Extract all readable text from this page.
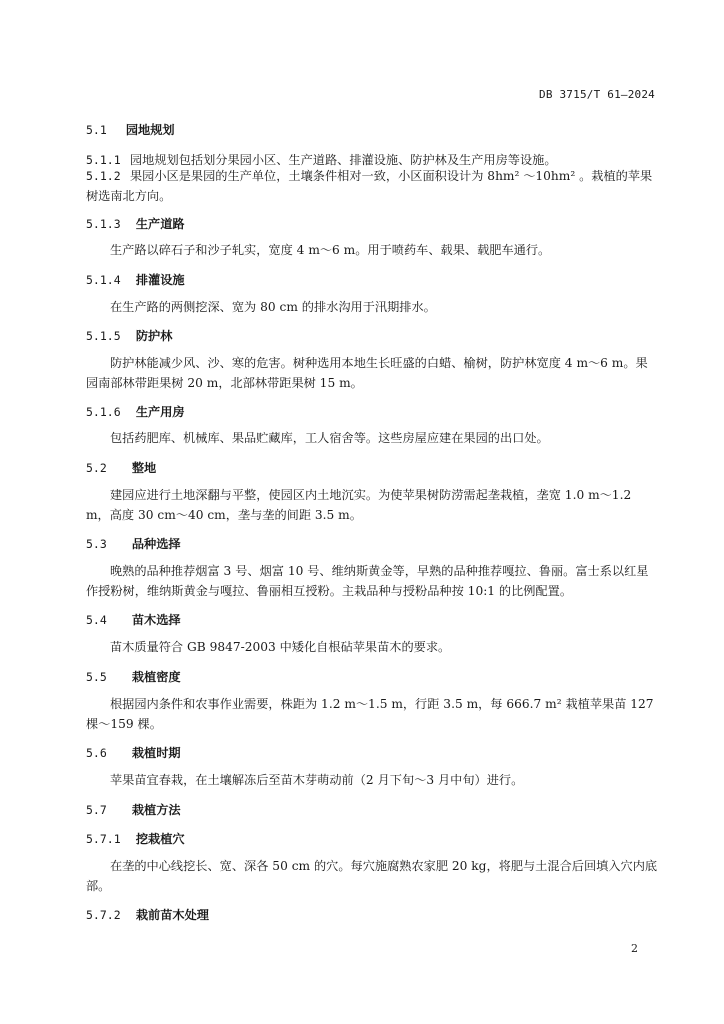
DB 3715/T 61—2024
5.1 园地规划
5.1.1 园地规划包括划分果园小区、生产道路、排灌设施、防护林及生产用房等设施。
5.1.2 果园小区是果园的生产单位，土壤条件相对一致，小区面积设计为 8hm² ～10hm² 。栽植的苹果树选南北方向。
5.1.3 生产道路
生产路以碎石子和沙子轧实，宽度 4 m～6 m。用于喷药车、载果、载肥车通行。
5.1.4 排灌设施
在生产路的两侧挖深、宽为 80 cm 的排水沟用于汛期排水。
5.1.5 防护林
防护林能减少风、沙、寒的危害。树种选用本地生长旺盛的白蜡、榆树，防护林宽度 4 m～6 m。果园南部林带距果树 20 m，北部林带距果树 15 m。
5.1.6 生产用房
包括药肥库、机械库、果品贮藏库，工人宿舍等。这些房屋应建在果园的出口处。
5.2 整地
建园应进行土地深翻与平整，使园区内土地沉实。为使苹果树防涝需起垄栽植，垄宽 1.0 m～1.2 m，高度 30 cm～40 cm，垄与垄的间距 3.5 m。
5.3 品种选择
晚熟的品种推荐烟富 3 号、烟富 10 号、维纳斯黄金等，早熟的品种推荐嘎拉、鲁丽。富士系以红星作授粉树，维纳斯黄金与嘎拉、鲁丽相互授粉。主栽品种与授粉品种按 10:1 的比例配置。
5.4 苗木选择
苗木质量符合 GB 9847-2003 中矮化自根砧苹果苗木的要求。
5.5 栽植密度
根据园内条件和农事作业需要，株距为 1.2 m～1.5 m，行距 3.5 m，每 666.7 m² 栽植苹果苗 127 棵～159 棵。
5.6 栽植时期
苹果苗宜春栽，在土壤解冻后至苗木芽萌动前（2 月下旬～3 月中旬）进行。
5.7 栽植方法
5.7.1 挖栽植穴
在垄的中心线挖长、宽、深各 50 cm 的穴。每穴施腐熟农家肥 20 kg，将肥与土混合后回填入穴内底部。
5.7.2 栽前苗木处理
2
